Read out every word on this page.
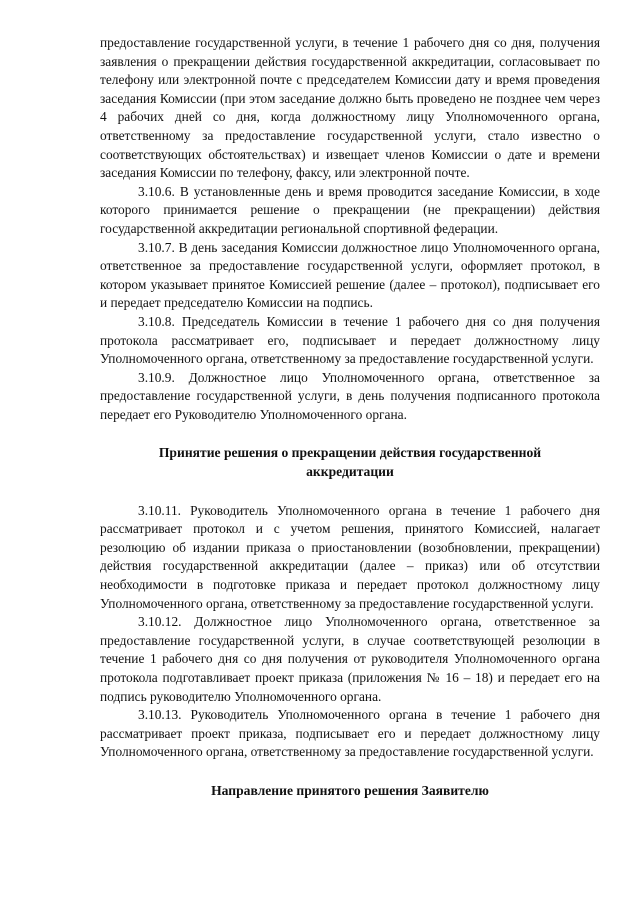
предоставление государственной услуги, в течение 1 рабочего дня со дня, получения заявления о прекращении действия государственной аккредитации, согласовывает по телефону или электронной почте с председателем Комиссии дату и время проведения заседания Комиссии (при этом заседание должно быть проведено не позднее чем через 4 рабочих дней со дня, когда должностному лицу Уполномоченного органа, ответственному за предоставление государственной услуги, стало известно о соответствующих обстоятельствах) и извещает членов Комиссии о дате и времени заседания Комиссии по телефону, факсу, или электронной почте.

3.10.6. В установленные день и время проводится заседание Комиссии, в ходе которого принимается решение о прекращении (не прекращении) действия государственной аккредитации региональной спортивной федерации.

3.10.7. В день заседания Комиссии должностное лицо Уполномоченного органа, ответственное за предоставление государственной услуги, оформляет протокол, в котором указывает принятое Комиссией решение (далее – протокол), подписывает его и передает председателю Комиссии на подпись.

3.10.8. Председатель Комиссии в течение 1 рабочего дня со дня получения протокола рассматривает его, подписывает и передает должностному лицу Уполномоченного органа, ответственному за предоставление государственной услуги.

3.10.9. Должностное лицо Уполномоченного органа, ответственное за предоставление государственной услуги, в день получения подписанного протокола передает его Руководителю Уполномоченного органа.

Принятие решения о прекращении действия государственной аккредитации

3.10.11. Руководитель Уполномоченного органа в течение 1 рабочего дня рассматривает протокол и с учетом решения, принятого Комиссией, налагает резолюцию об издании приказа о приостановлении (возобновлении, прекращении) действия государственной аккредитации (далее – приказ) или об отсутствии необходимости в подготовке приказа и передает протокол должностному лицу Уполномоченного органа, ответственному за предоставление государственной услуги.

3.10.12. Должностное лицо Уполномоченного органа, ответственное за предоставление государственной услуги, в случае соответствующей резолюции в течение 1 рабочего дня со дня получения от руководителя Уполномоченного органа протокола подготавливает проект приказа (приложения № 16 – 18) и передает его на подпись руководителю Уполномоченного органа.

3.10.13. Руководитель Уполномоченного органа в течение 1 рабочего дня рассматривает проект приказа, подписывает его и передает должностному лицу Уполномоченного органа, ответственному за предоставление государственной услуги.

Направление принятого решения Заявителю
